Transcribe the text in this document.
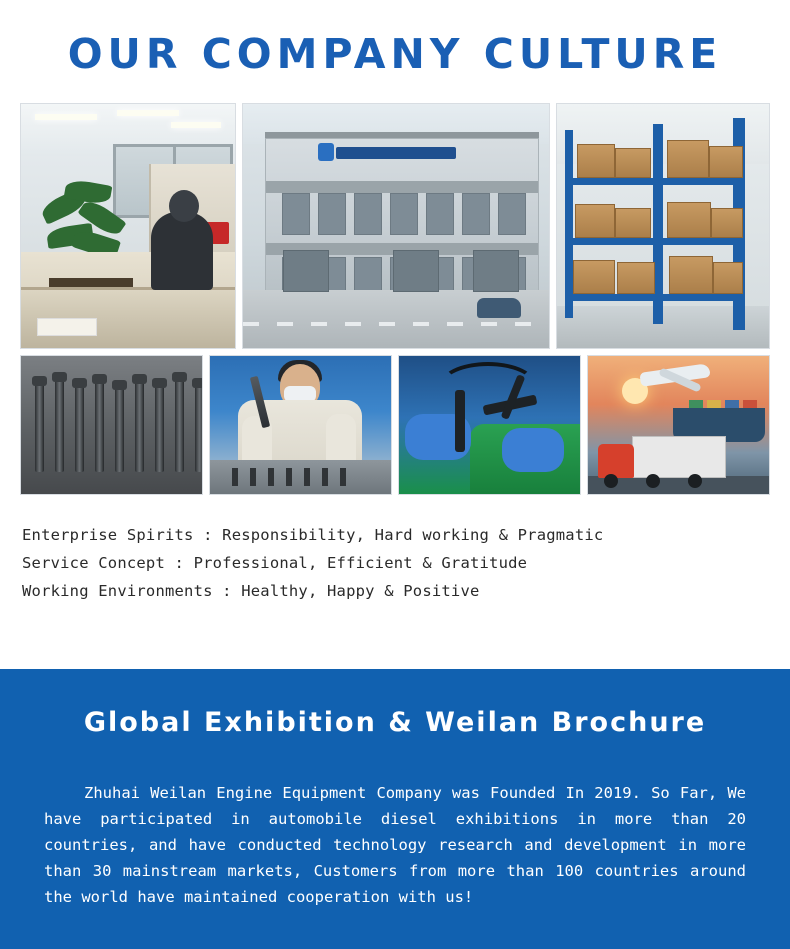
OUR COMPANY CULTURE
Enterprise Spirits : Responsibility, Hard working & Pragmatic
Service Concept : Professional, Efficient & Gratitude
Working Environments : Healthy, Happy & Positive
Global Exhibition & Weilan Brochure

Zhuhai Weilan Engine Equipment Company was Founded In 2019. So Far, We have participated in automobile diesel exhibitions in more than 20 countries, and have conducted technology research and development in more than 30 mainstream markets, Customers from more than 100 countries around the world have maintained cooperation with us!
